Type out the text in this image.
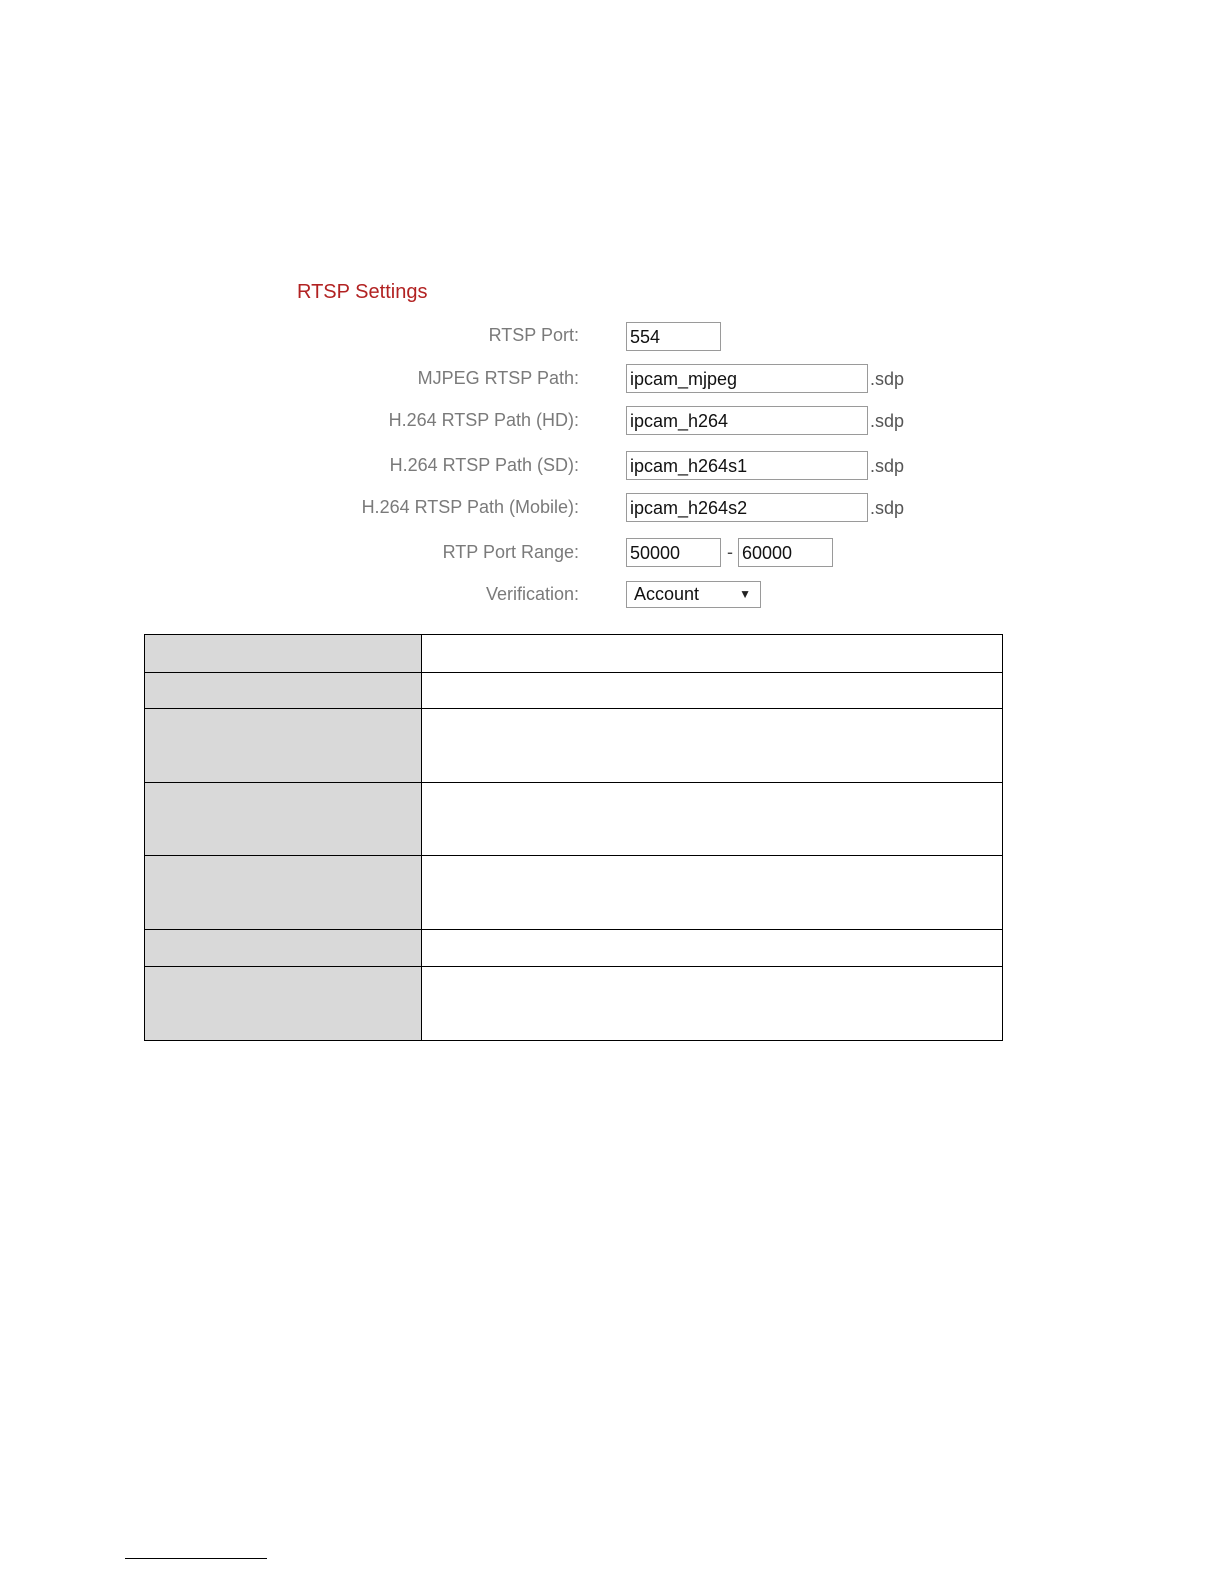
RTSP Settings
RTSP Port:	554
MJPEG RTSP Path:	ipcam_mjpeg	.sdp
H.264 RTSP Path (HD):	ipcam_h264	.sdp
H.264 RTSP Path (SD):	ipcam_h264s1	.sdp
H.264 RTSP Path (Mobile):	ipcam_h264s2	.sdp
RTP Port Range:	50000	- 60000
Verification:	Account	▼
